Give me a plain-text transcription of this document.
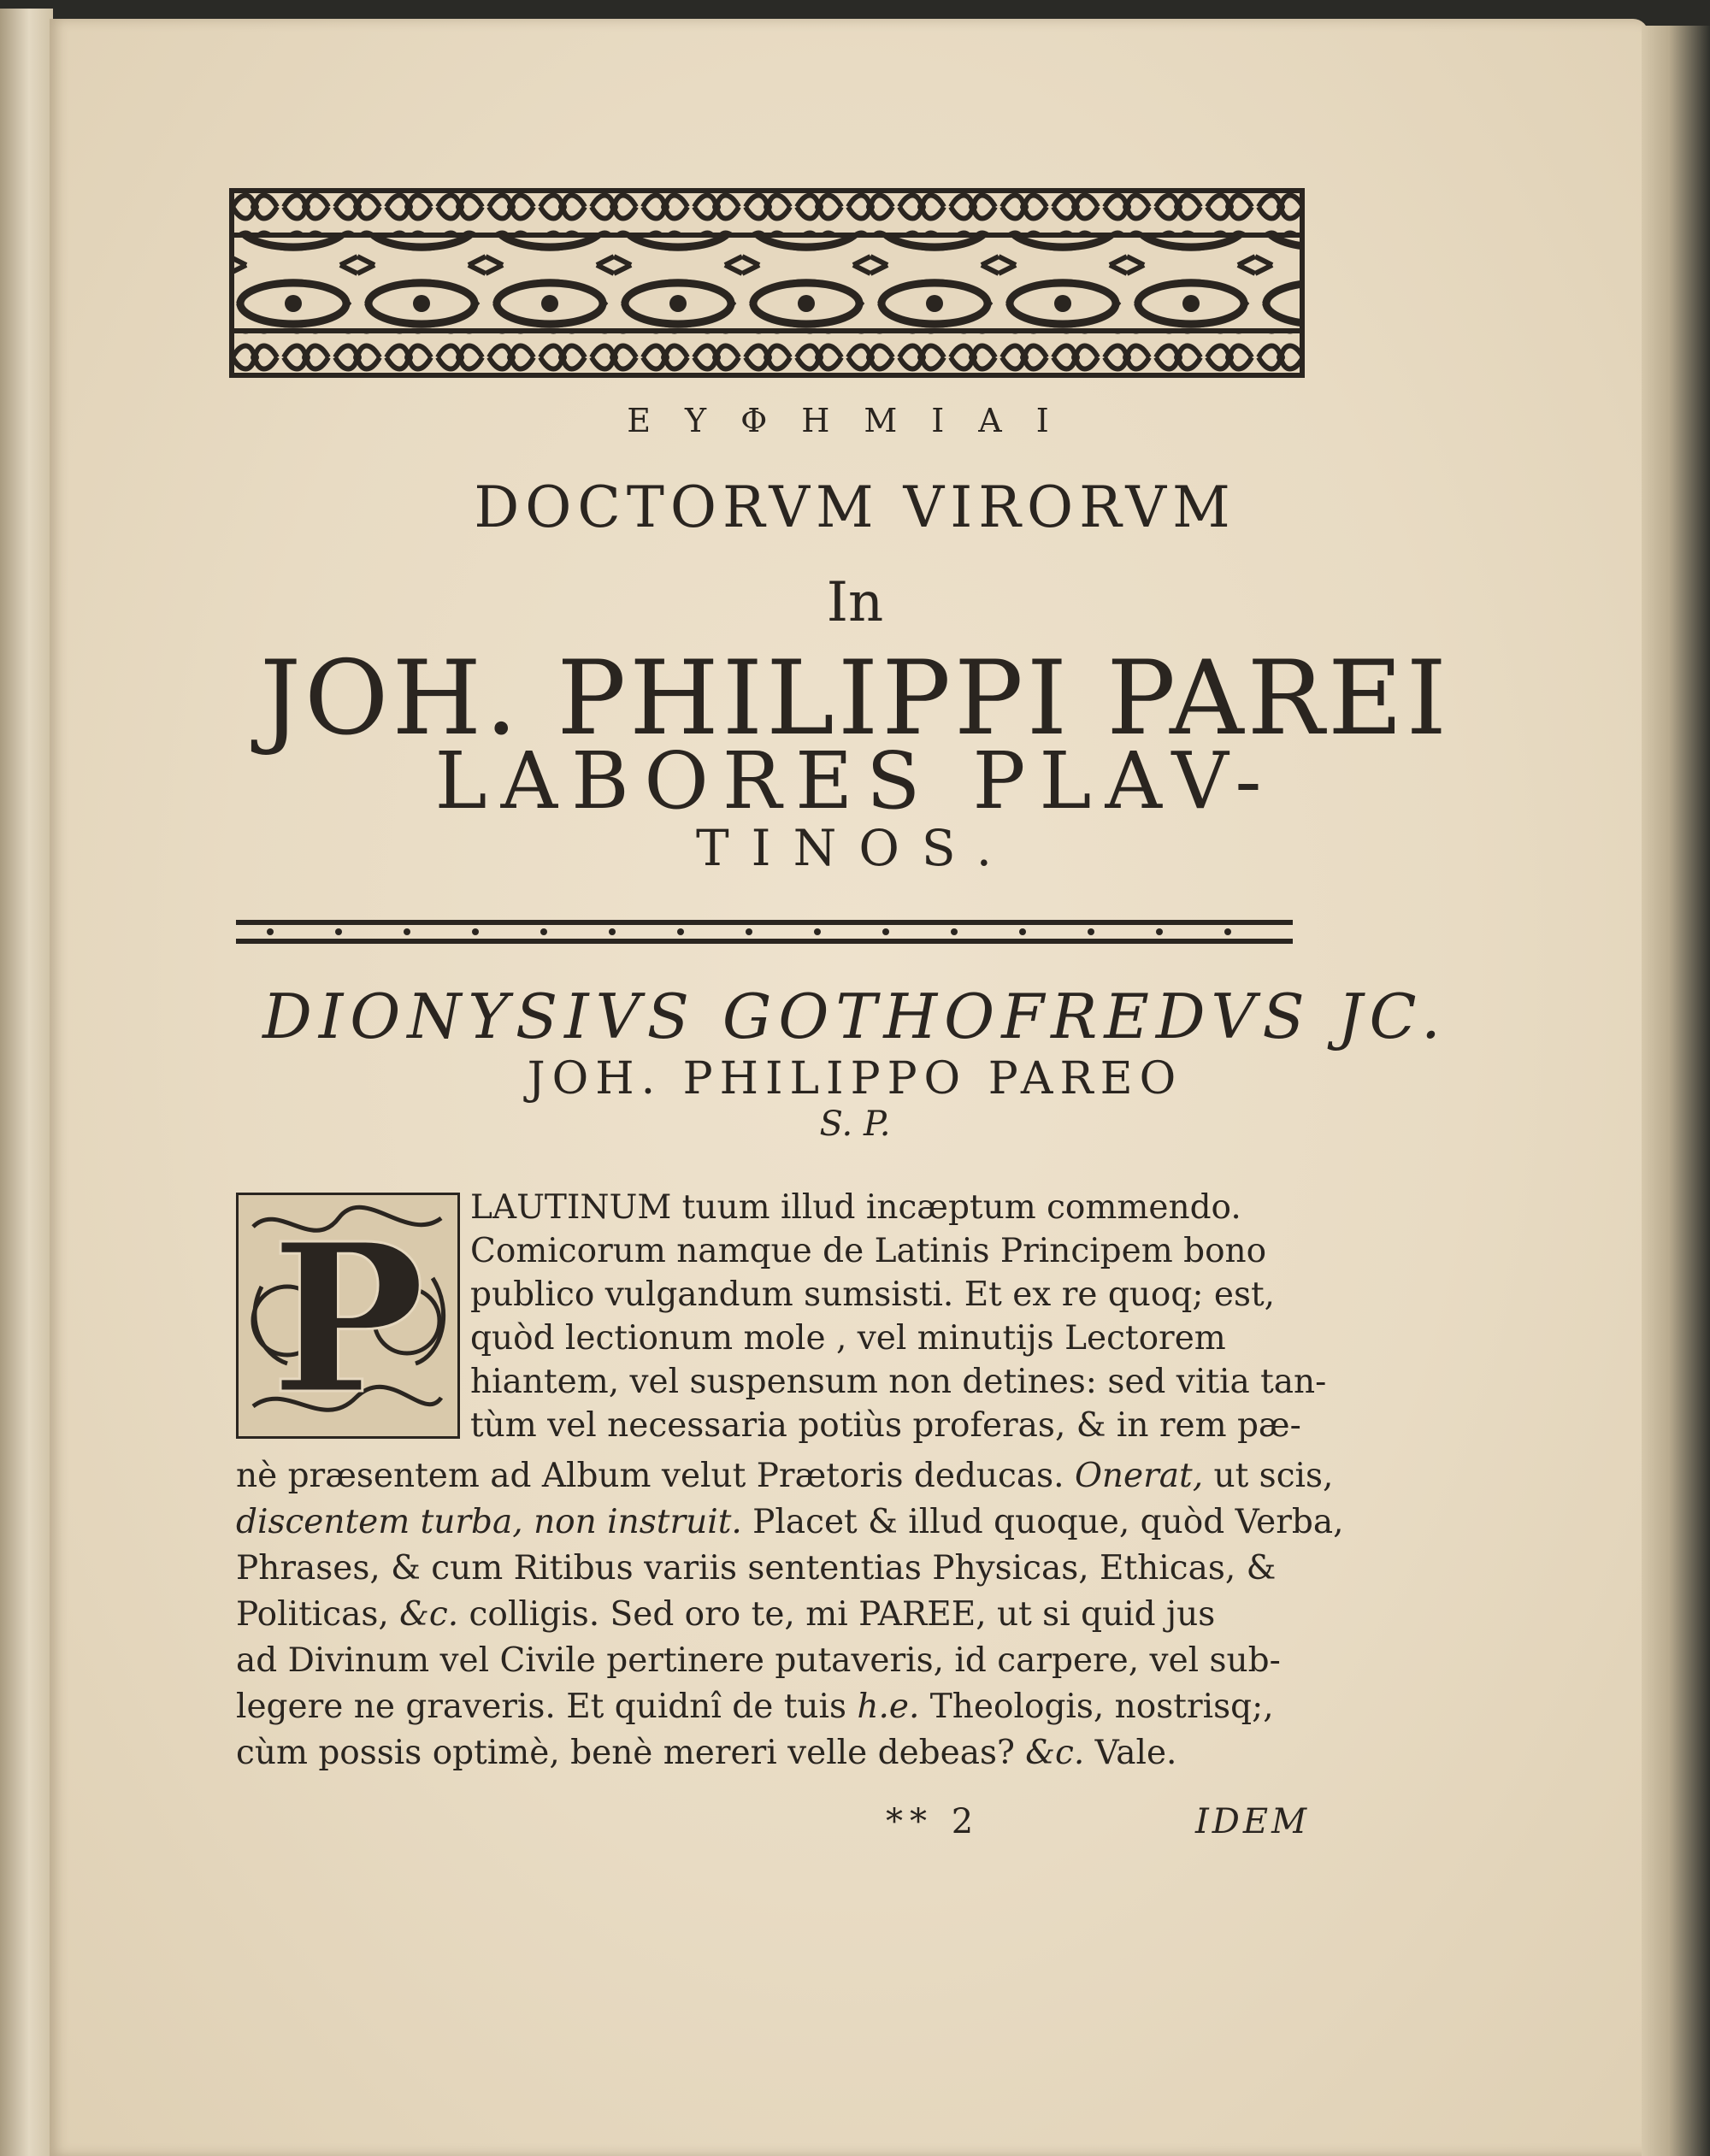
ΕΥΦΗΜΙΑΙ
DOCTORVM VIRORVM
In
JOH. PHILIPPI PAREI
LABORES PLAV-
TINOS.
DIONYSIVS GOTHOFREDVS JC.
JOH. PHILIPPO PAREO
S. P.
P LAUTINUM tuum illud incæptum commendo.
Comicorum namque de Latinis Principem bono
publico vulgandum sumsisti. Et ex re quoq; est,
quòd lectionum mole , vel minutijs Lectorem
hiantem, vel suspensum non detines: sed vitia tan-
tùm vel necessaria potiùs proferas, & in rem pæ-
nè præsentem ad Album velut Prætoris deducas. Onerat, ut scis,
discentem turba, non instruit. Placet & illud quoque, quòd Verba,
Phrases, & cum Ritibus variis sententias Physicas, Ethicas, &
Politicas, &c. colligis. Sed oro te, mi PAREE, ut si quid jus
ad Divinum vel Civile pertinere putaveris, id carpere, vel sub-
legere ne graveris. Et quidnî de tuis h.e. Theologis, nostrisq;,
cùm possis optimè, benè mereri velle debeas? &c. Vale.
** 2	IDEM
